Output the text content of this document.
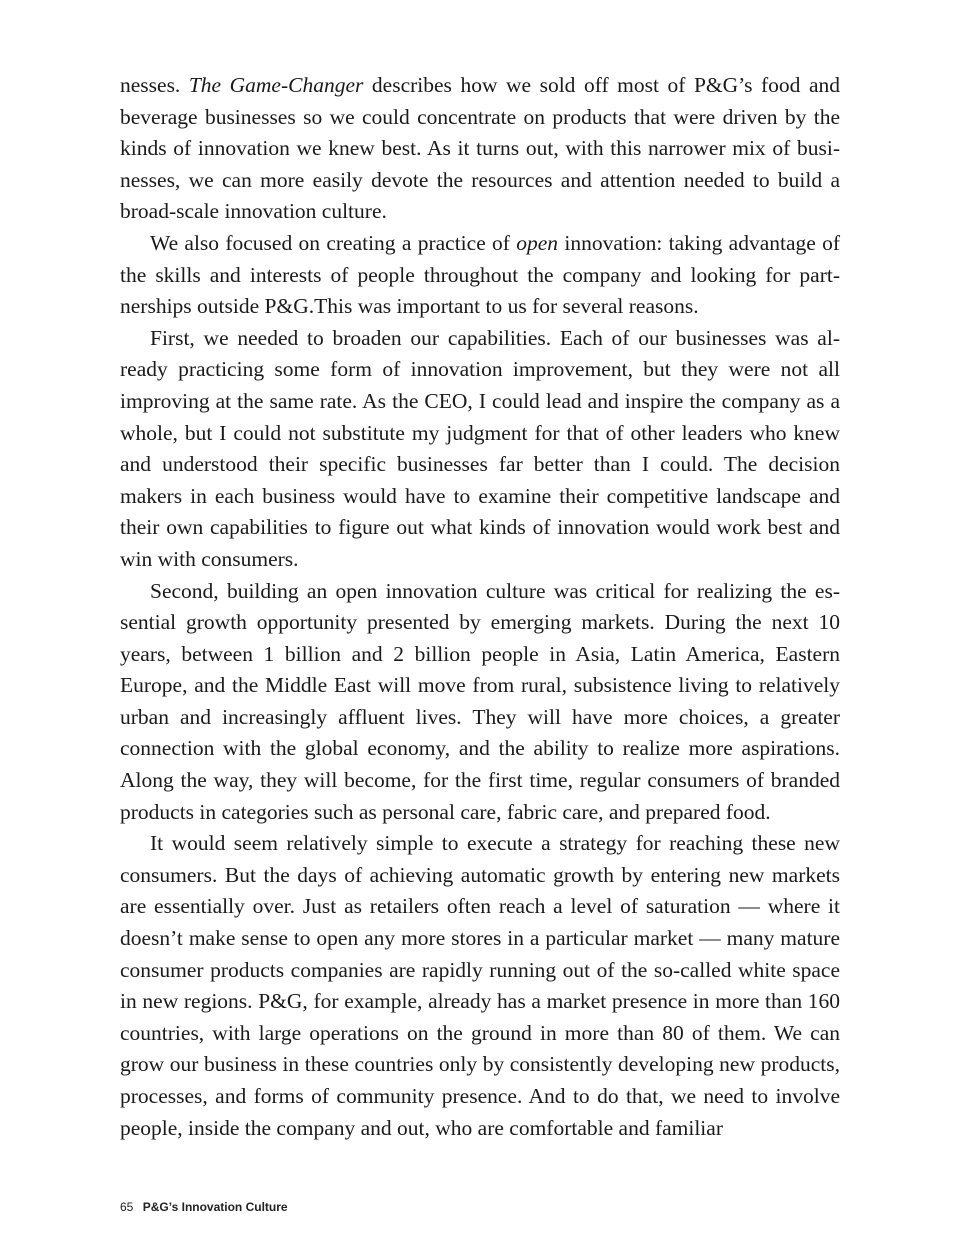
nesses. The Game-Changer describes how we sold off most of P&G’s food and beverage businesses so we could concentrate on products that were driven by the kinds of innovation we knew best. As it turns out, with this narrower mix of businesses, we can more easily devote the resources and attention needed to build a broad-scale innovation culture.

We also focused on creating a practice of open innovation: taking advantage of the skills and interests of people throughout the company and looking for partnerships outside P&G.This was important to us for several reasons.

First, we needed to broaden our capabilities. Each of our businesses was already practicing some form of innovation improvement, but they were not all improving at the same rate. As the CEO, I could lead and inspire the company as a whole, but I could not substitute my judgment for that of other leaders who knew and understood their specific businesses far better than I could. The decision makers in each business would have to examine their competitive landscape and their own capabilities to figure out what kinds of innovation would work best and win with consumers.

Second, building an open innovation culture was critical for realizing the essential growth opportunity presented by emerging markets. During the next 10 years, between 1 billion and 2 billion people in Asia, Latin America, Eastern Europe, and the Middle East will move from rural, subsistence living to relatively urban and increasingly affluent lives. They will have more choices, a greater connection with the global economy, and the ability to realize more aspirations. Along the way, they will become, for the first time, regular consumers of branded products in categories such as personal care, fabric care, and prepared food.

It would seem relatively simple to execute a strategy for reaching these new consumers. But the days of achieving automatic growth by entering new markets are essentially over. Just as retailers often reach a level of saturation — where it doesn’t make sense to open any more stores in a particular market — many mature consumer products companies are rapidly running out of the so-called white space in new regions. P&G, for example, already has a market presence in more than 160 countries, with large operations on the ground in more than 80 of them. We can grow our business in these countries only by consistently developing new products, processes, and forms of community presence. And to do that, we need to involve people, inside the company and out, who are comfortable and familiar

65 P&G’s Innovation Culture
